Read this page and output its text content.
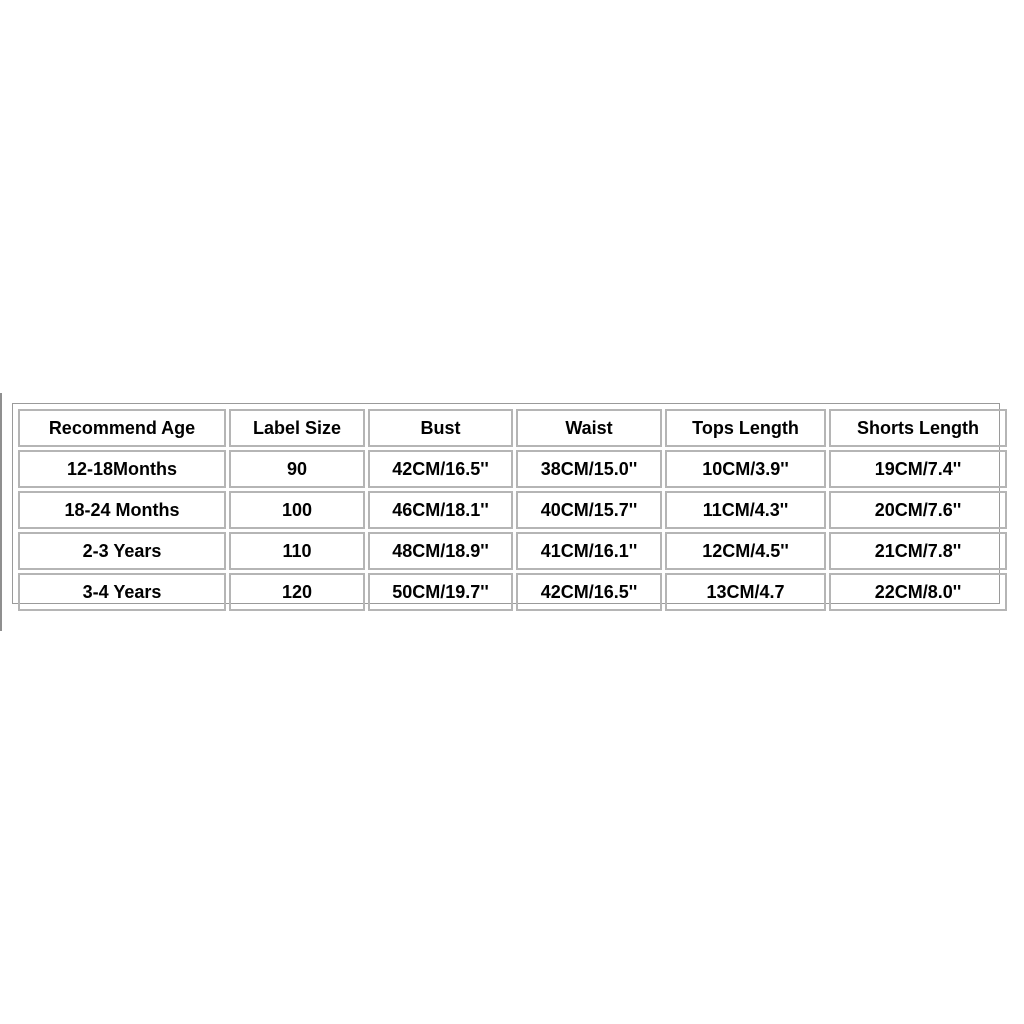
Recommend Age	Label Size	Bust	Waist	Tops Length	Shorts Length
12-18Months	90	42CM/16.5''	38CM/15.0''	10CM/3.9''	19CM/7.4''
18-24 Months	100	46CM/18.1''	40CM/15.7''	11CM/4.3''	20CM/7.6''
2-3 Years	110	48CM/18.9''	41CM/16.1''	12CM/4.5''	21CM/7.8''
3-4 Years	120	50CM/19.7''	42CM/16.5''	13CM/4.7	22CM/8.0''
